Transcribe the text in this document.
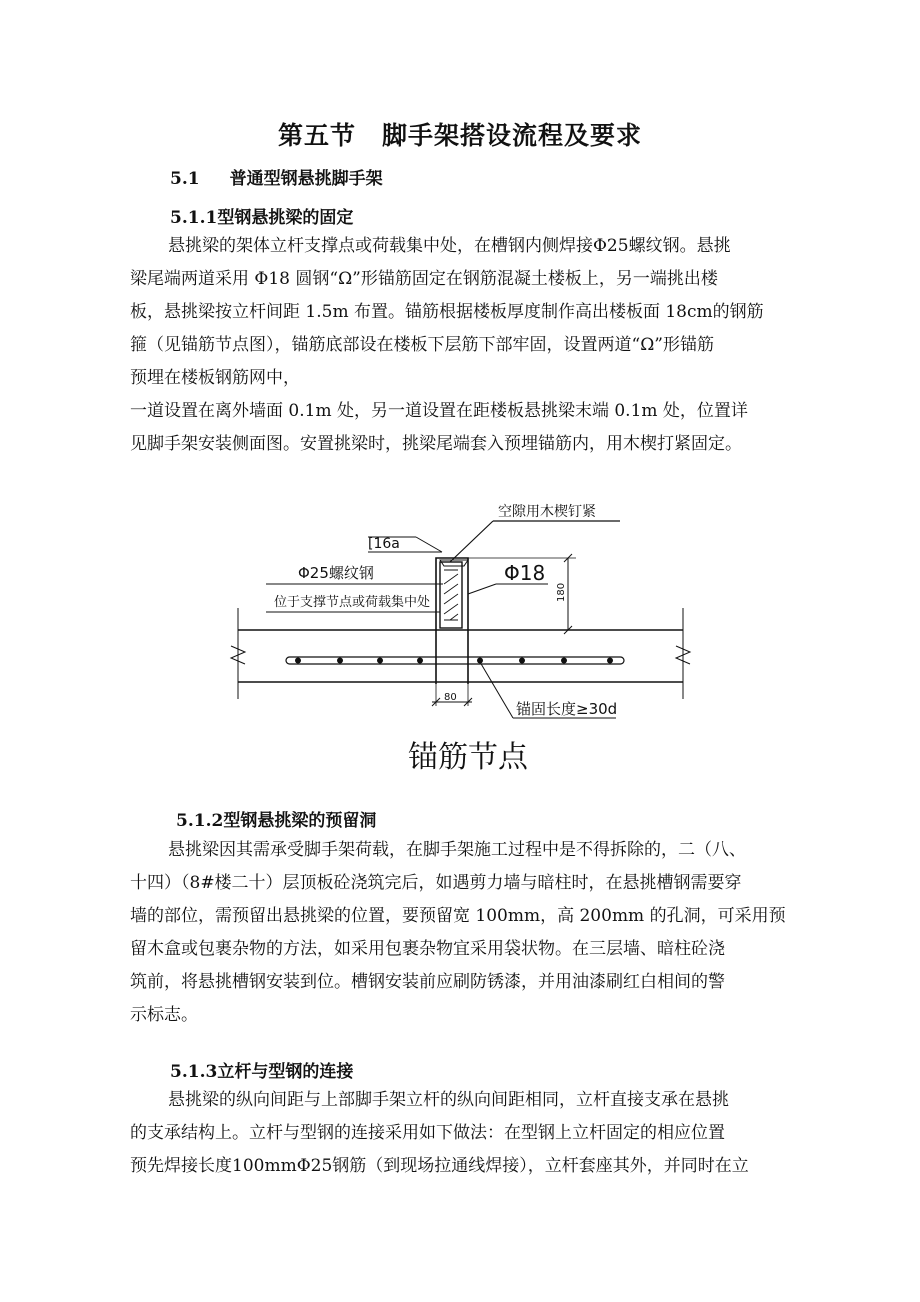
第五节　脚手架搭设流程及要求
5.1 普通型钢悬挑脚手架
5.1.1型钢悬挑梁的固定
悬挑梁的架体立杆支撑点或荷载集中处，在槽钢内侧焊接Φ25螺纹钢。悬挑
梁尾端两道采用 Φ18 圆钢“Ω”形锚筋固定在钢筋混凝土楼板上，另一端挑出楼
板，悬挑梁按立杆间距 1.5m 布置。锚筋根据楼板厚度制作高出楼板面 18cm的钢筋
箍（见锚筋节点图），锚筋底部设在楼板下层筋下部牢固，设置两道“Ω”形锚筋
预埋在楼板钢筋网中，
一道设置在离外墙面 0.1m 处，另一道设置在距楼板悬挑梁末端 0.1m 处，位置详
见脚手架安装侧面图。安置挑梁时，挑梁尾端套入预埋锚筋内，用木楔打紧固定。
空隙用木楔钉紧
[16a
Φ25螺纹钢
位于支撑节点或荷载集中处
Φ18
180
80
锚固长度≥30d
锚筋节点
5.1.2型钢悬挑梁的预留洞
悬挑梁因其需承受脚手架荷载，在脚手架施工过程中是不得拆除的，二（八、
十四）（8#楼二十）层顶板砼浇筑完后，如遇剪力墙与暗柱时，在悬挑槽钢需要穿
墙的部位，需预留出悬挑梁的位置，要预留宽 100mm，高 200mm 的孔洞，可采用预
留木盒或包裹杂物的方法，如采用包裹杂物宜采用袋状物。在三层墙、暗柱砼浇
筑前，将悬挑槽钢安装到位。槽钢安装前应刷防锈漆，并用油漆刷红白相间的警
示标志。
5.1.3立杆与型钢的连接
悬挑梁的纵向间距与上部脚手架立杆的纵向间距相同，立杆直接支承在悬挑
的支承结构上。立杆与型钢的连接采用如下做法：在型钢上立杆固定的相应位置
预先焊接长度100mmΦ25钢筋（到现场拉通线焊接），立杆套座其外，并同时在立
